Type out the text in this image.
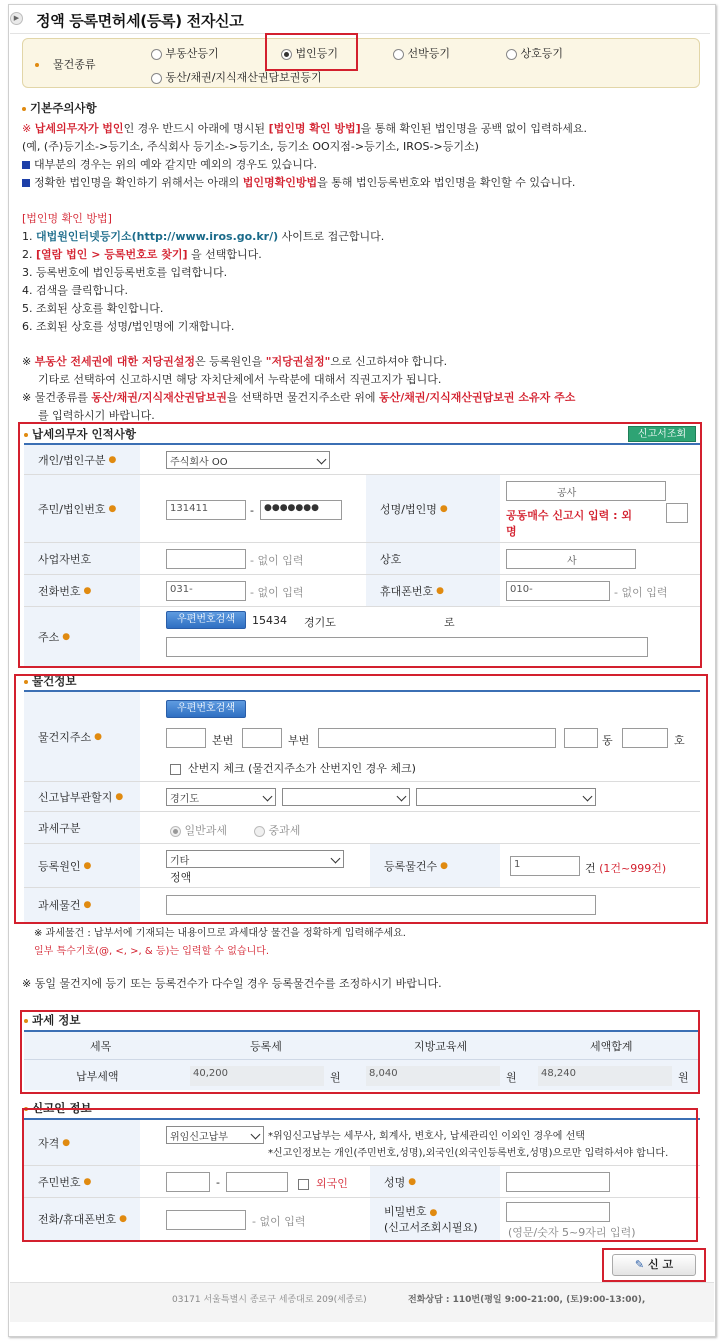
▶ 정액 등록면허세(등록) 전자신고
물건종류
부동산등기	법인등기	선박등기	상호등기
동산/채권/지식재산권담보권등기
기본주의사항
※ 납세의무자가 법인인 경우 반드시 아래에 명시된 [법인명 확인 방법]을 통해 확인된 법인명을 공백 없이 입력하세요.
(예, (주)등기소->등기소, 주식회사 등기소->등기소, 등기소 OO지점->등기소, IROS->등기소)
대부분의 경우는 위의 예와 같지만 예외의 경우도 있습니다.
정확한 법인명을 확인하기 위해서는 아래의 법인명확인방법을 통해 법인등록번호와 법인명을 확인할 수 있습니다.
[법인명 확인 방법]
1. 대법원인터넷등기소(http://www.iros.go.kr/) 사이트로 접근합니다.
2. [열람 법인 > 등록번호로 찾기] 을 선택합니다.
3. 등록번호에 법인등록번호를 입력합니다.
4. 검색을 클릭합니다.
5. 조회된 상호를 확인합니다.
6. 조회된 상호를 성명/법인명에 기재합니다.
※ 부동산 전세권에 대한 저당권설정은 등록원인을 "저당권설정"으로 신고하셔야 합니다.
기타로 선택하여 신고하시면 해당 자치단체에서 누락분에 대해서 직권고지가 됩니다.
※ 물건종류를 동산/채권/지식재산권담보권을 선택하면 물건지주소란 위에 동산/채권/지식재산권담보권 소유자 주소
를 입력하시기 바랍니다.
납세의무자 인적사항	신고서조회
개인/법인구분 ●	주식회사 OO
주민/법인번호 ●	131411	-	●●●●●●●	성명/법인명 ●
공사
공동매수 신고시 입력 : 외
명
사업자번호	- 없이 입력	상호	사
전화번호 ●	031-	- 없이 입력	휴대폰번호 ●	010-	- 없이 입력
주소 ●
우편번호검색	15434 경기도	로
물건정보
물건지주소 ●
우편번호검색
본번	부번	동	호
산번지 체크 (물건지주소가 산번지인 경우 체크)
신고납부관할지 ●	경기도
과세구분	일반과세	중과세
등록원인 ●	기타
정액
등록물건수 ●	1	건 (1건~999건)
과세물건 ●
※ 과세물건 : 납부서에 기재되는 내용이므로 과세대상 물건을 정확하게 입력해주세요.
일부 특수기호(@, <, >, & 등)는 입력할 수 없습니다.
※ 동일 물건지에 등기 또는 등록건수가 다수일 경우 등록물건수를 조정하시기 바랍니다.
과세 정보
세목	등록세	지방교육세	세액합계
납부세액	40,200	원	8,040	원	48,240	원
신고인 정보
자격 ●	위임신고납부	*위임신고납부는 세무사, 회계사, 변호사, 납세관리인 이외인 경우에 선택
*신고인정보는 개인(주민번호,성명),외국인(외국인등록번호,성명)으로만 입력하셔야 합니다.
주민번호 ●	-	외국인	성명 ●
전화/휴대폰번호 ●	- 없이 입력
비밀번호 ●
(신고서조회시필요)	(영문/숫자 5~9자리 입력)
✎ 신 고
03171 서울특별시 종로구 세종대로 209(세종로)	전화상담 : 110번(평일 9:00-21:00, (토)9:00-13:00),
